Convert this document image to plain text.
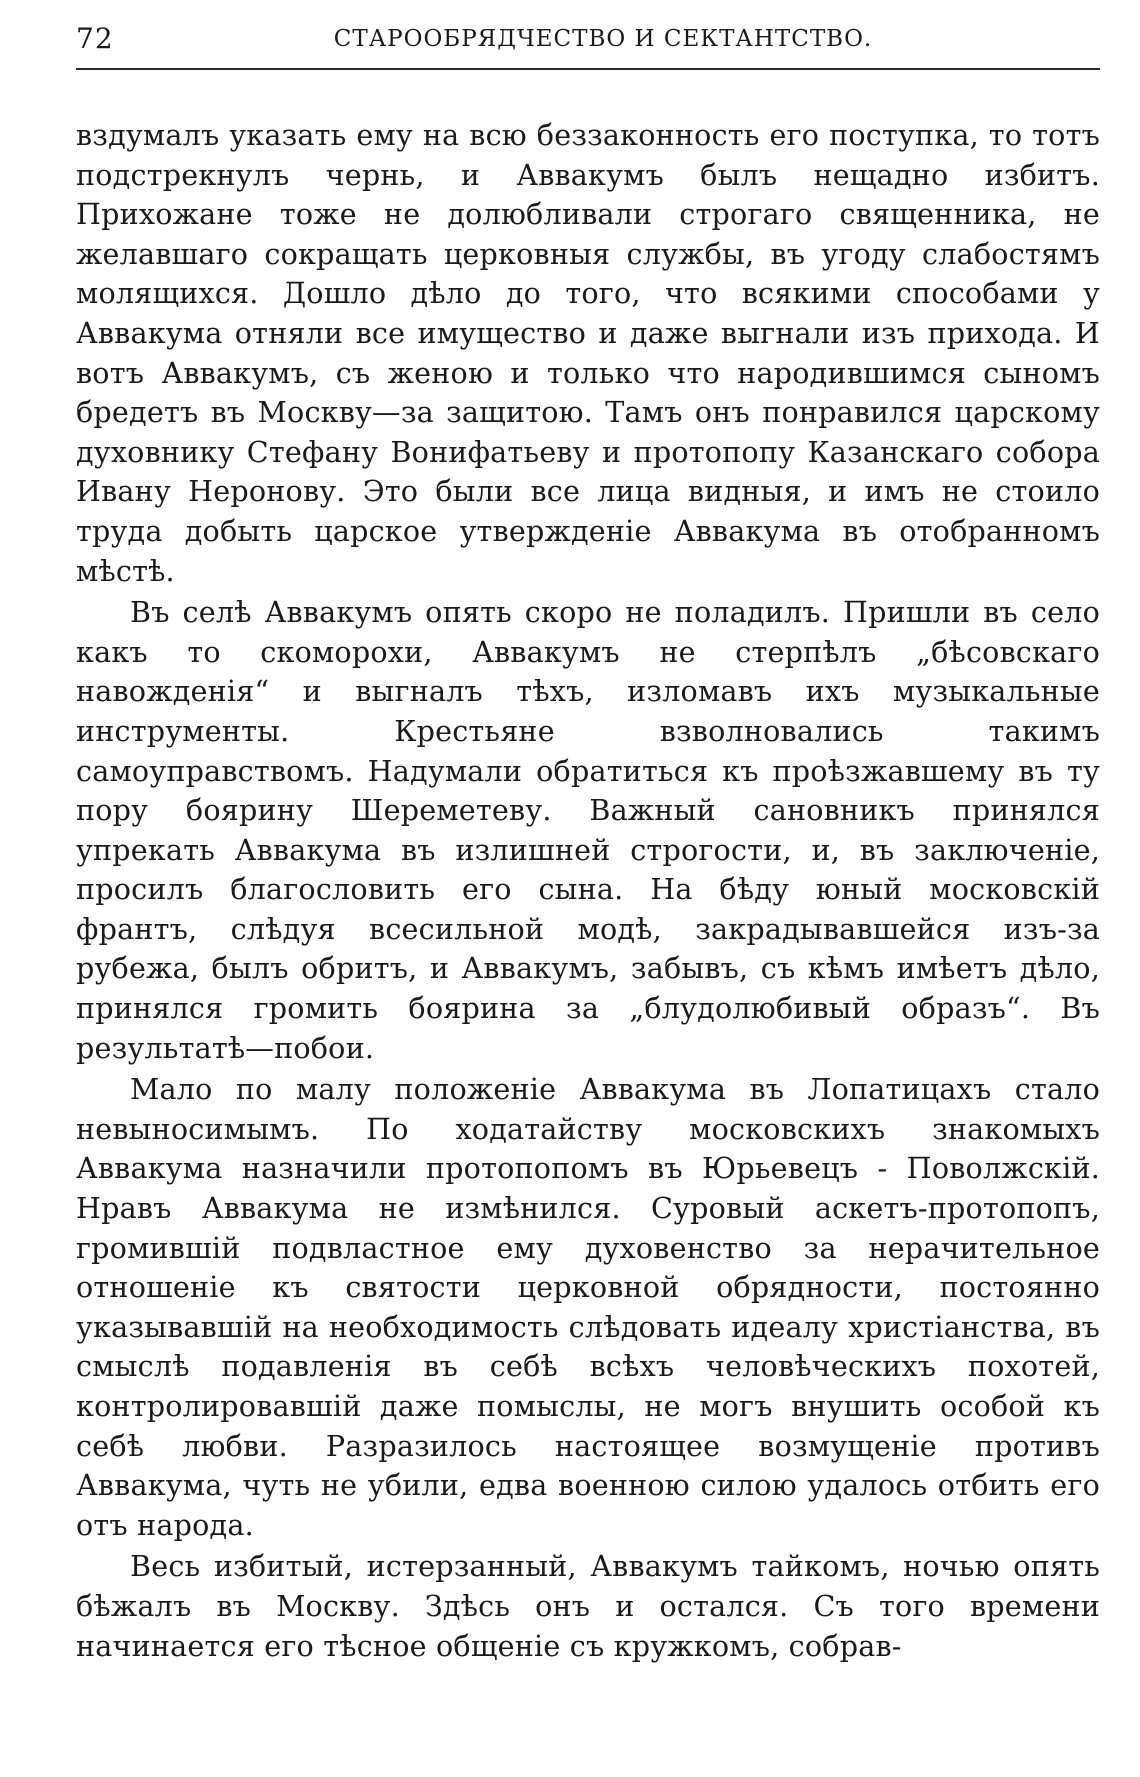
72	СТАРООБРЯДЧЕСТВО И СЕКТАНТСТВО.

вздумалъ указать ему на всю беззаконность его поступка, то тотъ подстрекнулъ чернь, и Аввакумъ былъ нещадно избитъ. Прихожане тоже не долюбливали строгаго священника, не желавшаго сокращать церковныя службы, въ угоду слабостямъ молящихся. Дошло дѣло до того, что всякими способами у Аввакума отняли все имущество и даже выгнали изъ прихода. И вотъ Аввакумъ, съ женою и только что народившимся сыномъ бредетъ въ Москву—за защитою. Тамъ онъ понравился царскому духовнику Стефану Вонифатьеву и протопопу Казанскаго собора Ивану Неронову. Это были все лица видныя, и имъ не стоило труда добыть царское утвержденіе Аввакума въ отобранномъ мѣстѣ.

Въ селѣ Аввакумъ опять скоро не поладилъ. Пришли въ село какъ то скоморохи, Аввакумъ не стерпѣлъ „бѣсовскаго навожденія“ и выгналъ тѣхъ, изломавъ ихъ музыкальные инструменты. Крестьяне взволновались такимъ самоуправствомъ. Надумали обратиться къ проѣзжавшему въ ту пору боярину Шереметеву. Важный сановникъ принялся упрекать Аввакума въ излишней строгости, и, въ заключеніе, просилъ благословить его сына. На бѣду юный московскій франтъ, слѣдуя всесильной модѣ, закрадывавшейся изъ-за рубежа, былъ обритъ, и Аввакумъ, забывъ, съ кѣмъ имѣетъ дѣло, принялся громить боярина за „блудолюбивый образъ“. Въ результатѣ—побои.

Мало по малу положеніе Аввакума въ Лопатицахъ стало невыносимымъ. По ходатайству московскихъ знакомыхъ Аввакума назначили протопопомъ въ Юрьевецъ - Поволжскій. Нравъ Аввакума не измѣнился. Суровый аскетъ-протопопъ, громившій подвластное ему духовенство за нерачительное отношеніе къ святости церковной обрядности, постоянно указывавшій на необходимость слѣдовать идеалу христіанства, въ смыслѣ подавленія въ себѣ всѣхъ человѣческихъ похотей, контролировавшій даже помыслы, не могъ внушить особой къ себѣ любви. Разразилось настоящее возмущеніе противъ Аввакума, чуть не убили, едва военною силою удалось отбить его отъ народа.

Весь избитый, истерзанный, Аввакумъ тайкомъ, ночью опять бѣжалъ въ Москву. Здѣсь онъ и остался. Съ того времени начинается его тѣсное общеніе съ кружкомъ, собрав-
